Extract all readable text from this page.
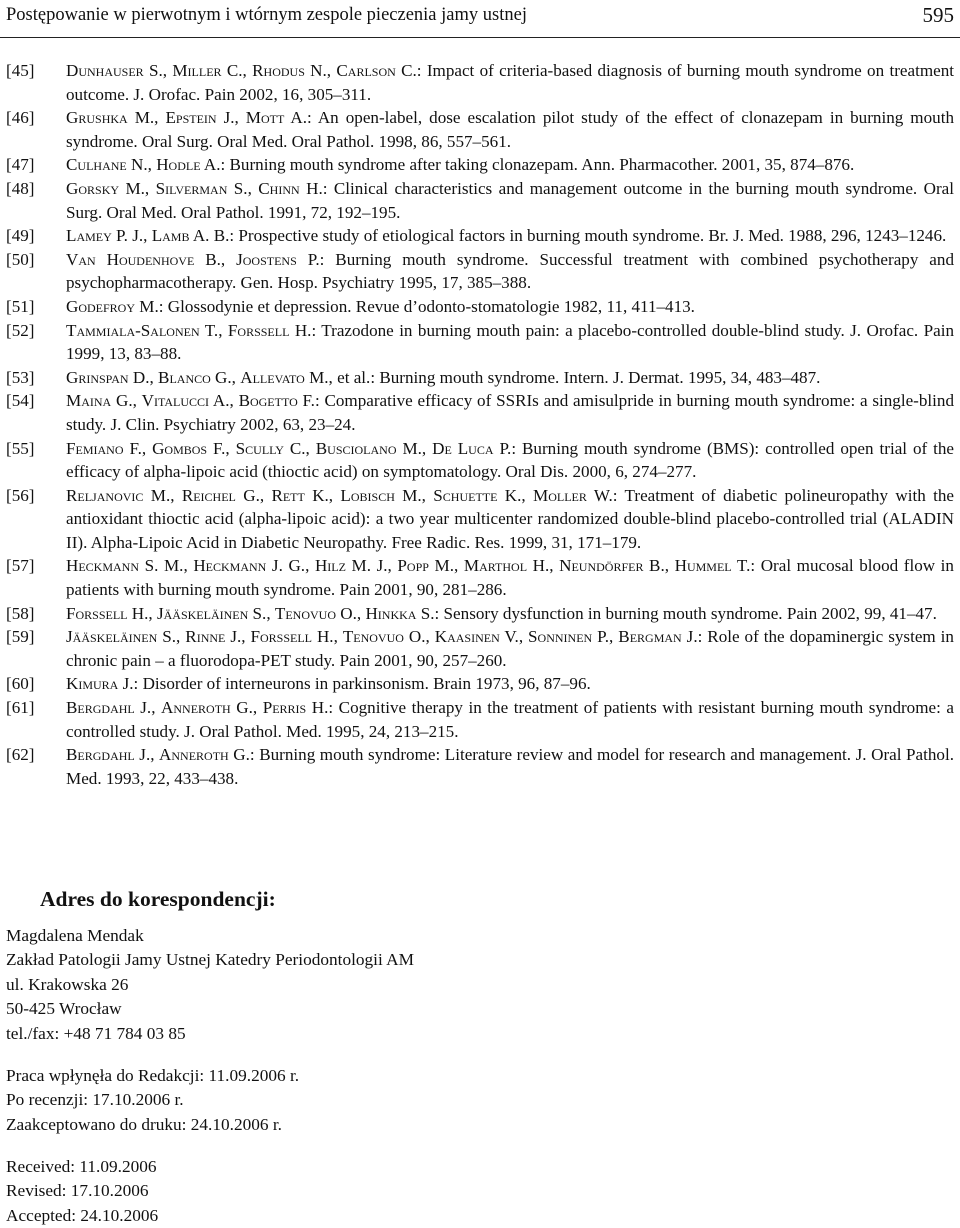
Postępowanie w pierwotnym i wtórnym zespole pieczenia jamy ustnej	595

[45] Dunhauser S., Miller C., Rhodus N., Carlson C.: Impact of criteria-based diagnosis of burning mouth syndrome on treatment outcome. J. Orofac. Pain 2002, 16, 305–311.

[46] Grushka M., Epstein J., Mott A.: An open-label, dose escalation pilot study of the effect of clonazepam in burning mouth syndrome. Oral Surg. Oral Med. Oral Pathol. 1998, 86, 557–561.

[47] Culhane N., Hodle A.: Burning mouth syndrome after taking clonazepam. Ann. Pharmacother. 2001, 35, 874–876.

[48] Gorsky M., Silverman S., Chinn H.: Clinical characteristics and management outcome in the burning mouth syndrome. Oral Surg. Oral Med. Oral Pathol. 1991, 72, 192–195.

[49] Lamey P. J., Lamb A. B.: Prospective study of etiological factors in burning mouth syndrome. Br. J. Med. 1988, 296, 1243–1246.

[50] Van Houdenhove B., Joostens P.: Burning mouth syndrome. Successful treatment with combined psychotherapy and psychopharmacotherapy. Gen. Hosp. Psychiatry 1995, 17, 385–388.

[51] Godefroy M.: Glossodynie et depression. Revue d’odonto-stomatologie 1982, 11, 411–413.

[52] Tammiala-Salonen T., Forssell H.: Trazodone in burning mouth pain: a placebo-controlled double-blind study. J. Orofac. Pain 1999, 13, 83–88.

[53] Grinspan D., Blanco G., Allevato M., et al.: Burning mouth syndrome. Intern. J. Dermat. 1995, 34, 483–487.

[54] Maina G., Vitalucci A., Bogetto F.: Comparative efficacy of SSRIs and amisulpride in burning mouth syndrome: a single-blind study. J. Clin. Psychiatry 2002, 63, 23–24.

[55] Femiano F., Gombos F., Scully C., Busciolano M., De Luca P.: Burning mouth syndrome (BMS): controlled open trial of the efficacy of alpha-lipoic acid (thioctic acid) on symptomatology. Oral Dis. 2000, 6, 274–277.

[56] Reljanovic M., Reichel G., Rett K., Lobisch M., Schuette K., Moller W.: Treatment of diabetic polineuropathy with the antioxidant thioctic acid (alpha-lipoic acid): a two year multicenter randomized double-blind placebo-controlled trial (ALADIN II). Alpha-Lipoic Acid in Diabetic Neuropathy. Free Radic. Res. 1999, 31, 171–179.

[57] Heckmann S. M., Heckmann J. G., Hilz M. J., Popp M., Marthol H., Neundörfer B., Hummel T.: Oral mucosal blood flow in patients with burning mouth syndrome. Pain 2001, 90, 281–286.

[58] Forssell H., Jääskeläinen S., Tenovuo O., Hinkka S.: Sensory dysfunction in burning mouth syndrome. Pain 2002, 99, 41–47.

[59] Jääskeläinen S., Rinne J., Forssell H., Tenovuo O., Kaasinen V., Sonninen P., Bergman J.: Role of the dopaminergic system in chronic pain – a fluorodopa-PET study. Pain 2001, 90, 257–260.

[60] Kimura J.: Disorder of interneurons in parkinsonism. Brain 1973, 96, 87–96.

[61] Bergdahl J., Anneroth G., Perris H.: Cognitive therapy in the treatment of patients with resistant burning mouth syndrome: a controlled study. J. Oral Pathol. Med. 1995, 24, 213–215.

[62] Bergdahl J., Anneroth G.: Burning mouth syndrome: Literature review and model for research and management. J. Oral Pathol. Med. 1993, 22, 433–438.

Adres do korespondencji:
Magdalena Mendak
Zakład Patologii Jamy Ustnej Katedry Periodontologii AM
ul. Krakowska 26
50-425 Wrocław
tel./fax: +48 71 784 03 85
Praca wpłynęła do Redakcji: 11.09.2006 r.
Po recenzji: 17.10.2006 r.
Zaakceptowano do druku: 24.10.2006 r.
Received: 11.09.2006
Revised: 17.10.2006
Accepted: 24.10.2006
